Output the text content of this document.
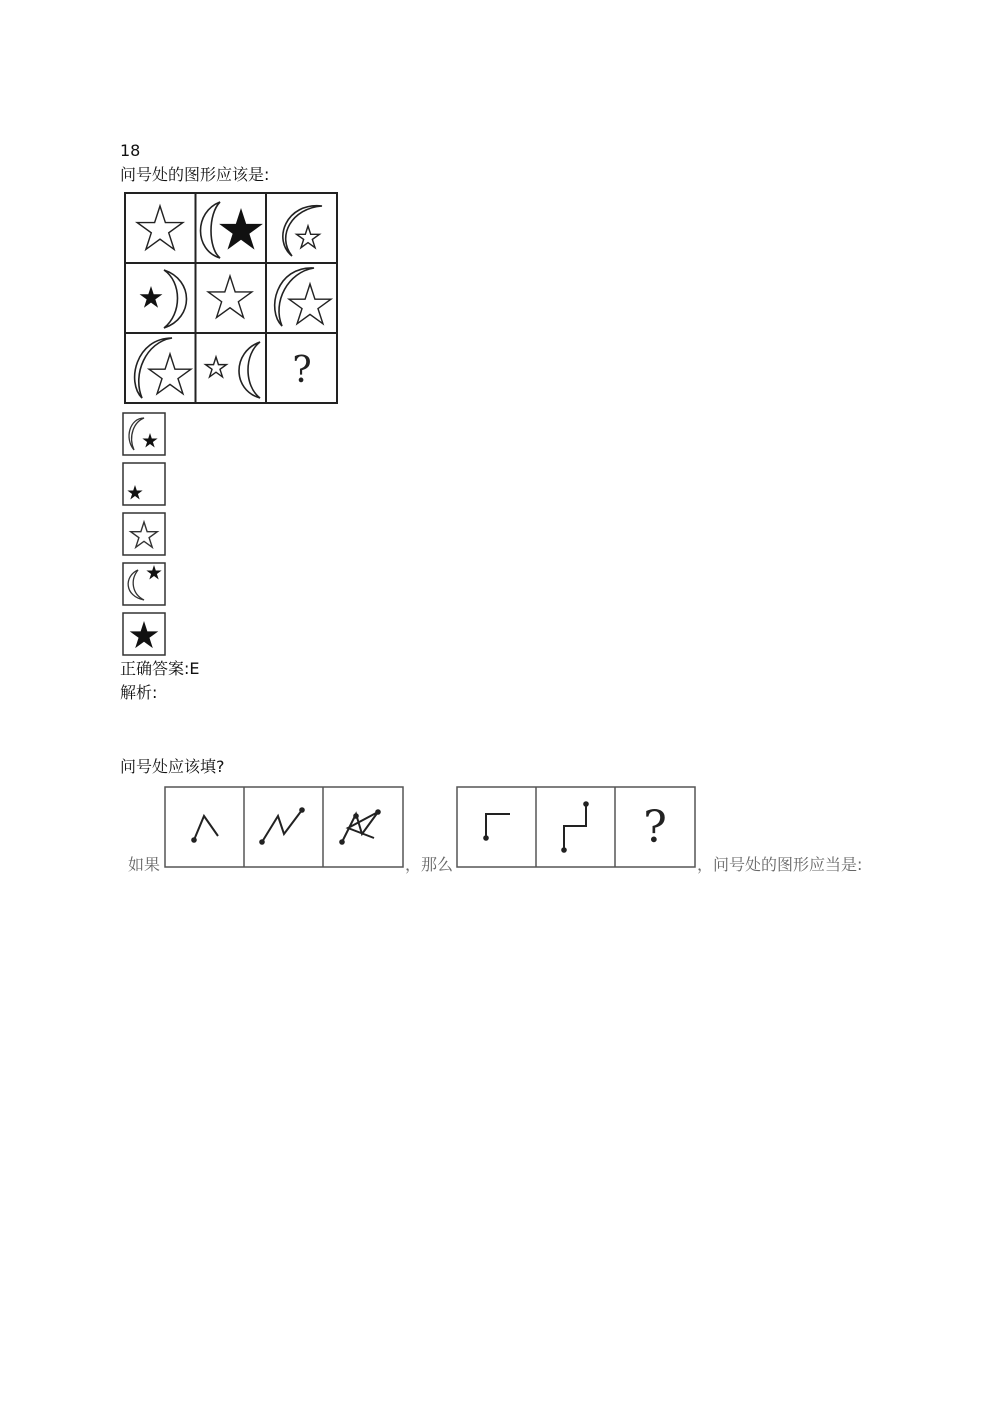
18
问号处的图形应该是:
?
正确答案:E
解析:
问号处应该填?
如果	，那么	，问号处的图形应当是:
?
